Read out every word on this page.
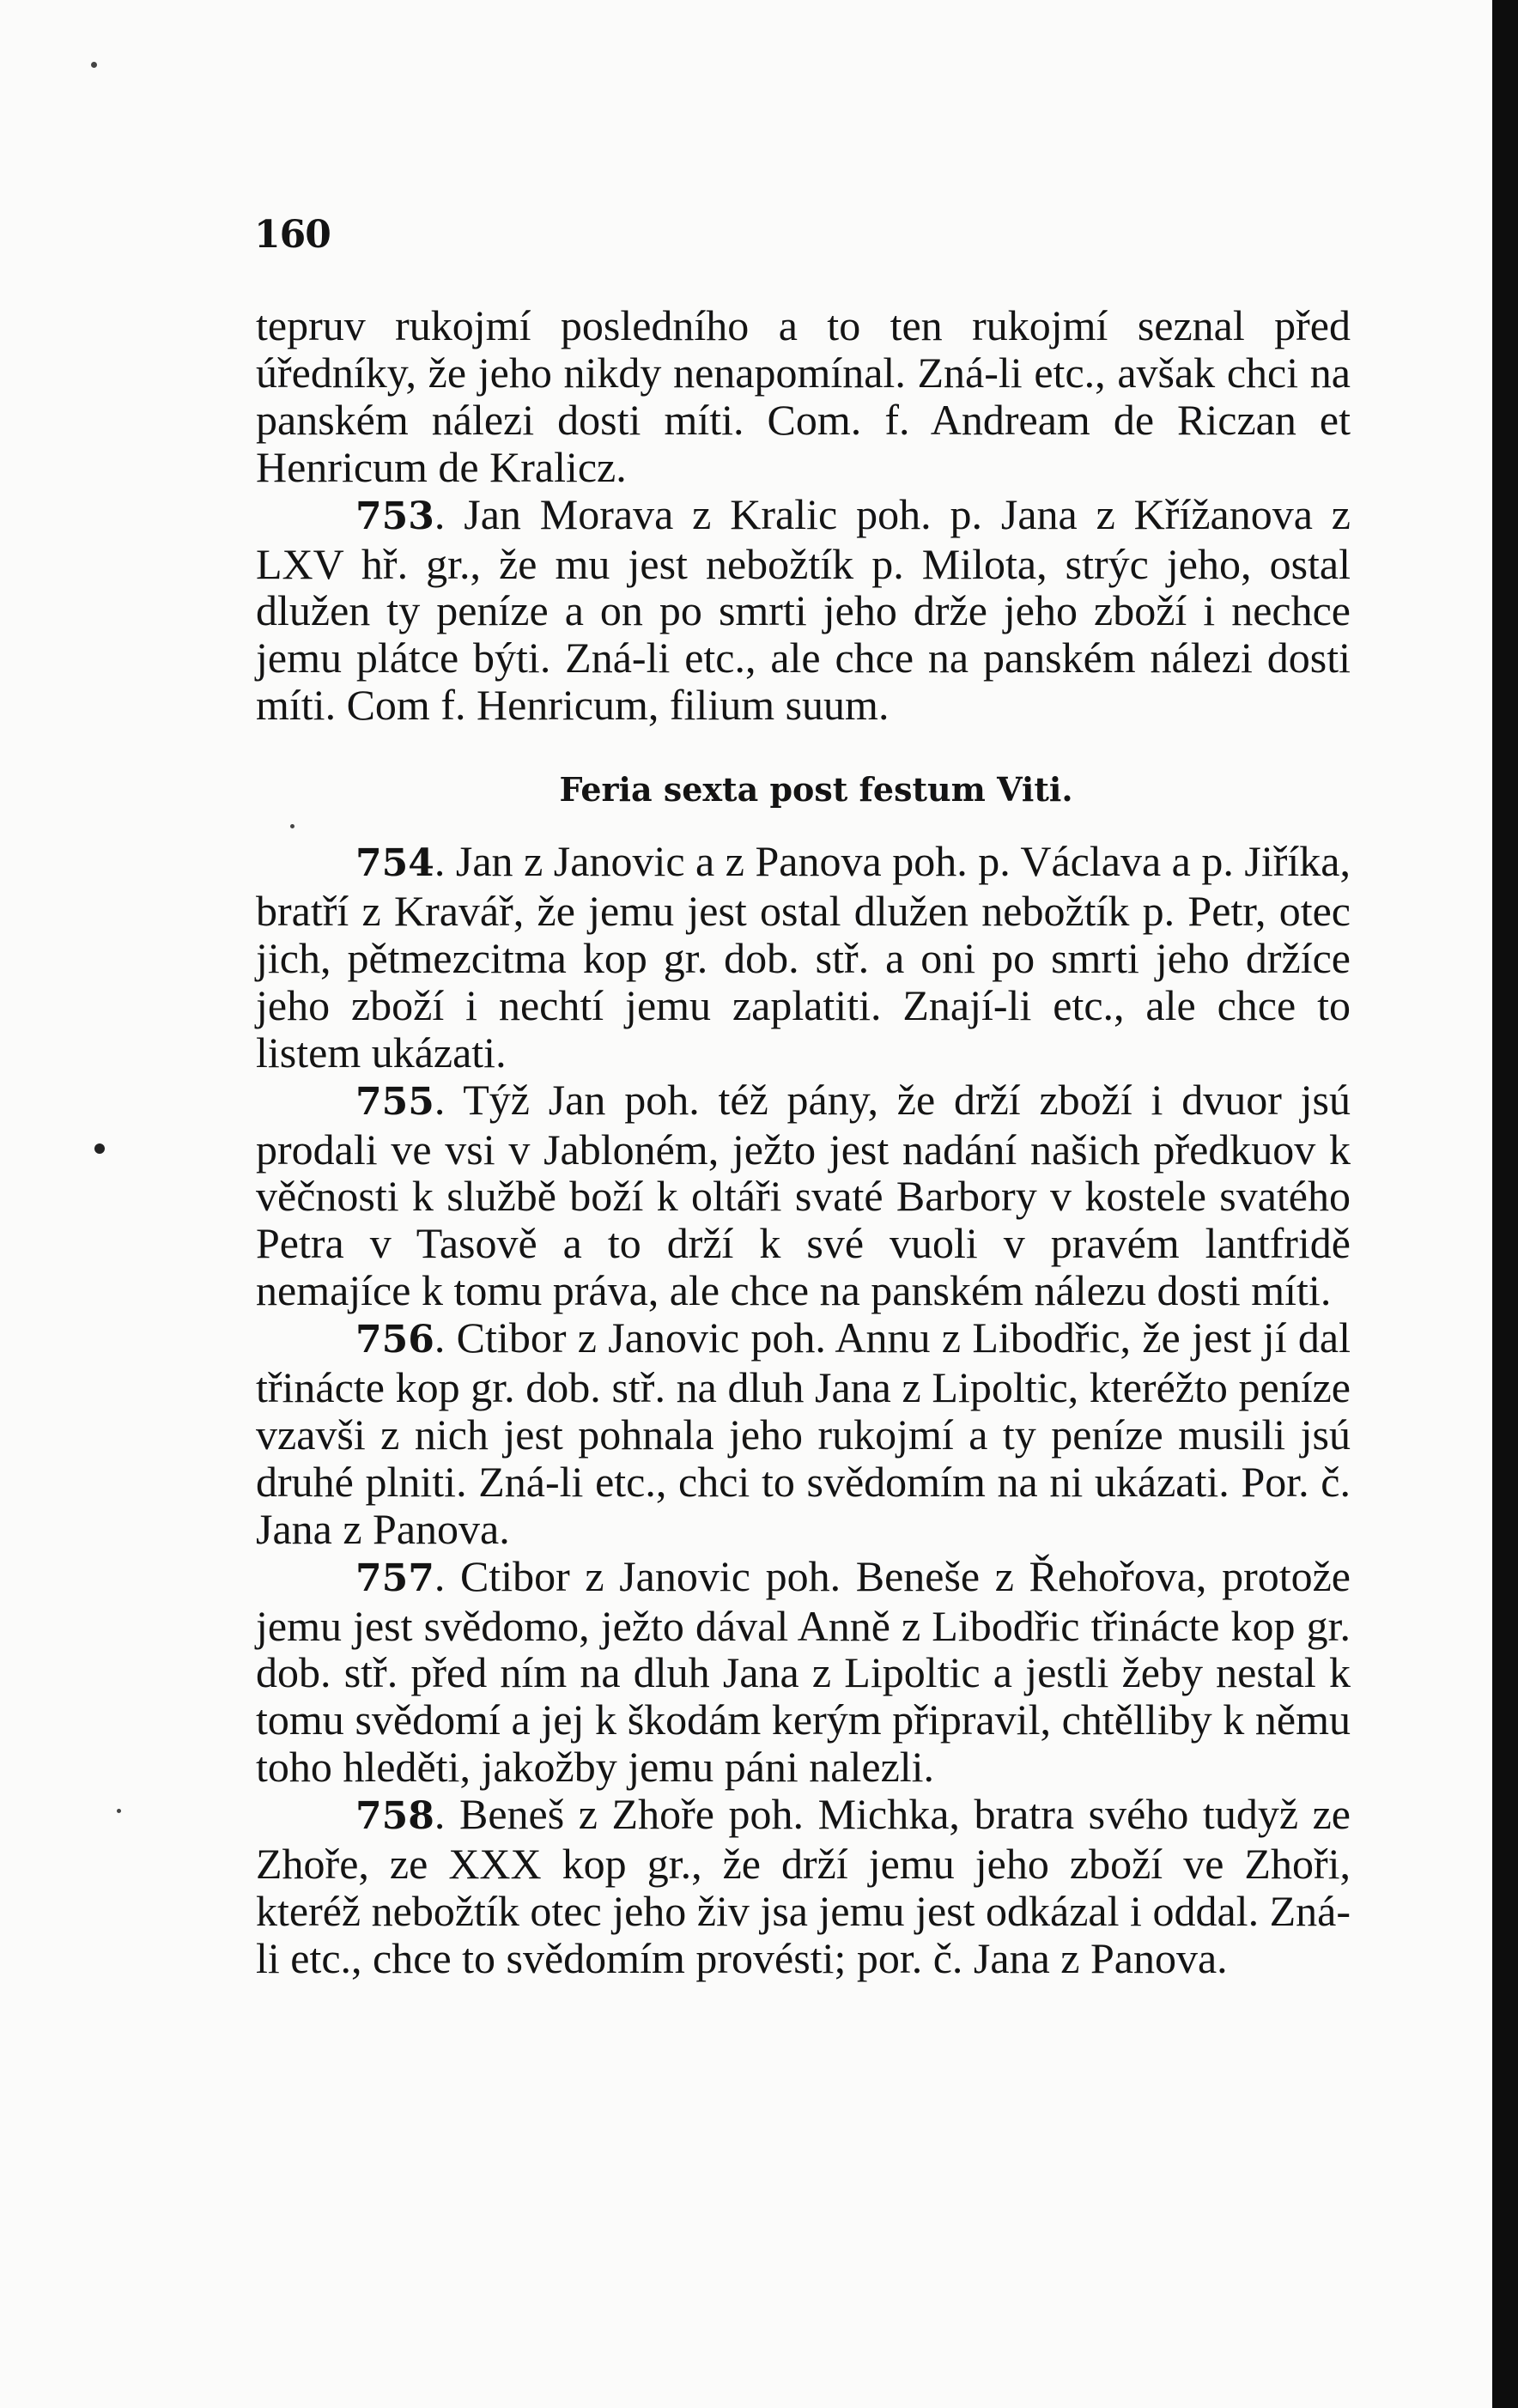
160

tepruv rukojmí posledního a to ten rukojmí seznal před úředníky, že jeho nikdy nenapomínal. Zná-li etc., avšak chci na panském nálezi dosti míti. Com. f. Andream de Riczan et Henricum de Kralicz.

753. Jan Morava z Kralic poh. p. Jana z Křížanova z LXV hř. gr., že mu jest nebožtík p. Milota, strýc jeho, ostal dlužen ty peníze a on po smrti jeho drže jeho zboží i nechce jemu plátce býti. Zná-li etc., ale chce na panském nálezi dosti míti. Com f. Henricum, filium suum.

Feria sexta post festum Viti.

754. Jan z Janovic a z Panova poh. p. Václava a p. Jiříka, bratří z Kravář, že jemu jest ostal dlužen nebožtík p. Petr, otec jich, pětmezcitma kop gr. dob. stř. a oni po smrti jeho držíce jeho zboží i nechtí jemu zaplatiti. Znají-li etc., ale chce to listem ukázati.

755. Týž Jan poh. též pány, že drží zboží i dvuor jsú prodali ve vsi v Jabloném, ježto jest nadání našich předkuov k věčnosti k službě boží k oltáři svaté Barbory v kostele svatého Petra v Tasově a to drží k své vuoli v pravém lantfridě nemajíce k tomu práva, ale chce na panském nálezu dosti míti.

756. Ctibor z Janovic poh. Annu z Libodřic, že jest jí dal třinácte kop gr. dob. stř. na dluh Jana z Lipoltic, kteréžto peníze vzavši z nich jest pohnala jeho rukojmí a ty peníze musili jsú druhé plniti. Zná-li etc., chci to svědomím na ni ukázati. Por. č. Jana z Panova.

757. Ctibor z Janovic poh. Beneše z Řehořova, protože jemu jest svědomo, ježto dával Anně z Libodřic třinácte kop gr. dob. stř. před ním na dluh Jana z Lipoltic a jestli žeby nestal k tomu svědomí a jej k škodám kerým připravil, chtělliby k němu toho hleděti, jakožby jemu páni nalezli.

758. Beneš z Zhoře poh. Michka, bratra svého tudyž ze Zhoře, ze XXX kop gr., že drží jemu jeho zboží ve Zhoři, kteréž nebožtík otec jeho živ jsa jemu jest odkázal i oddal. Zná-li etc., chce to svědomím provésti; por. č. Jana z Panova.
